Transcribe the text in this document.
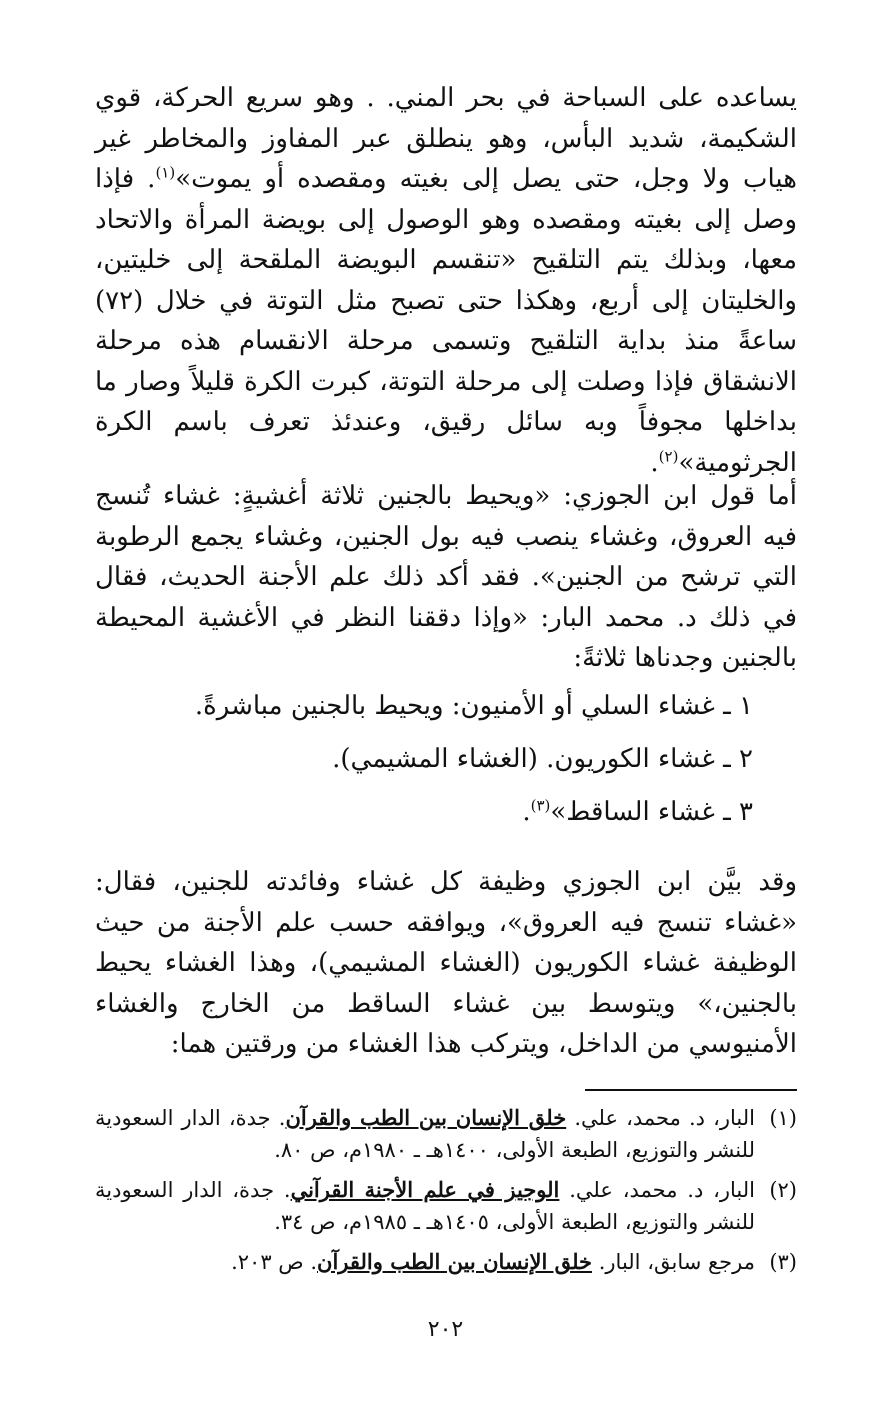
يساعده على السباحة في بحر المني. . وهو سريع الحركة، قوي الشكيمة، شديد البأس، وهو ينطلق عبر المفاوز والمخاطر غير هياب ولا وجل، حتى يصل إلى بغيته ومقصده أو يموت»$^{(١)}$. فإذا وصل إلى بغيته ومقصده وهو الوصول إلى بويضة المرأة والاتحاد معها، وبذلك يتم التلقيح «تنقسم البويضة الملقحة إلى خليتين، والخليتان إلى أربع، وهكذا حتى تصبح مثل التوتة في خلال (٧٢) ساعةً منذ بداية التلقيح وتسمى مرحلة الانقسام هذه مرحلة الانشقاق فإذا وصلت إلى مرحلة التوتة، كبرت الكرة قليلاً وصار ما بداخلها مجوفاً وبه سائل رقيق، وعندئذ تعرف باسم الكرة الجرثومية»$^{(٢)}$.

أما قول ابن الجوزي: «ويحيط بالجنين ثلاثة أغشيةٍ: غشاء تُنسج فيه العروق، وغشاء ينصب فيه بول الجنين، وغشاء يجمع الرطوبة التي ترشح من الجنين». فقد أكد ذلك علم الأجنة الحديث، فقال في ذلك د. محمد البار: «وإذا دققنا النظر في الأغشية المحيطة بالجنين وجدناها ثلاثةً:

١ ـ غشاء السلي أو الأمنيون: ويحيط بالجنين مباشرةً.
٢ ـ غشاء الكوريون. (الغشاء المشيمي).
٣ ـ غشاء الساقط»$^{(٣)}$.

وقد بيَّن ابن الجوزي وظيفة كل غشاء وفائدته للجنين، فقال: «غشاء تنسج فيه العروق»، ويوافقه حسب علم الأجنة من حيث الوظيفة غشاء الكوريون (الغشاء المشيمي)، وهذا الغشاء يحيط بالجنين،» ويتوسط بين غشاء الساقط من الخارج والغشاء الأمنيوسي من الداخل، ويتركب هذا الغشاء من ورقتين هما:

(١)
البار، د. محمد، علي. خلق الإنسان بين الطب والقرآن. جدة، الدار السعودية للنشر والتوزيع، الطبعة الأولى، ١٤٠٠هـ ـ ١٩٨٠م، ص ٨٠.
(٢)
البار، د. محمد، علي. الوجيز في علم الأجنة القرآني. جدة، الدار السعودية للنشر والتوزيع، الطبعة الأولى، ١٤٠٥هـ ـ ١٩٨٥م، ص ٣٤.
(٣)
مرجع سابق، البار. خلق الإنسان بين الطب والقرآن. ص ٢٠٣.
٢٠٢
